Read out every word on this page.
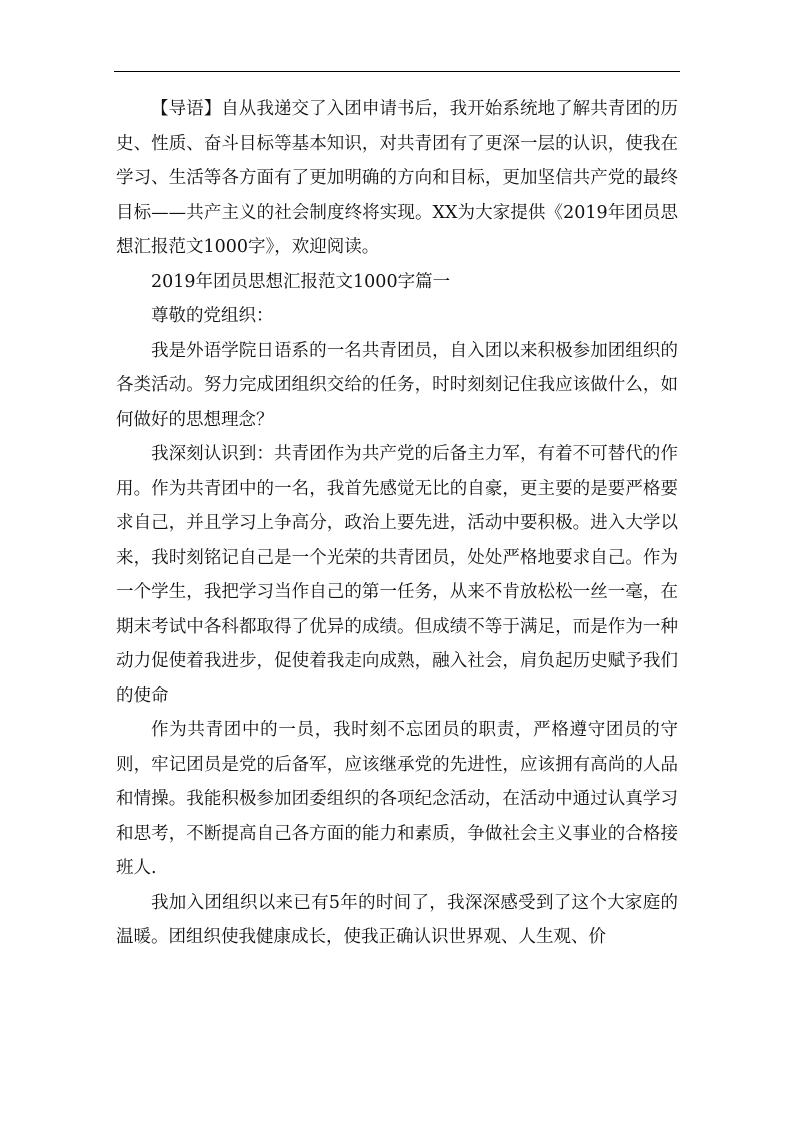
【导语】自从我递交了入团申请书后，我开始系统地了解共青团的历史、性质、奋斗目标等基本知识，对共青团有了更深一层的认识，使我在学习、生活等各方面有了更加明确的方向和目标，更加坚信共产党的最终目标——共产主义的社会制度终将实现。XX为大家提供《2019年团员思想汇报范文1000字》，欢迎阅读。

2019年团员思想汇报范文1000字篇一

尊敬的党组织：

我是外语学院日语系的一名共青团员，自入团以来积极参加团组织的各类活动。努力完成团组织交给的任务，时时刻刻记住我应该做什么，如何做好的思想理念？

我深刻认识到：共青团作为共产党的后备主力军，有着不可替代的作用。作为共青团中的一名，我首先感觉无比的自豪，更主要的是要严格要求自己，并且学习上争高分，政治上要先进，活动中要积极。进入大学以来，我时刻铭记自己是一个光荣的共青团员，处处严格地要求自己。作为一个学生，我把学习当作自己的第一任务，从来不肯放松松一丝一毫，在期末考试中各科都取得了优异的成绩。但成绩不等于满足，而是作为一种动力促使着我进步，促使着我走向成熟，融入社会，肩负起历史赋予我们的使命

作为共青团中的一员，我时刻不忘团员的职责，严格遵守团员的守则，牢记团员是党的后备军，应该继承党的先进性，应该拥有高尚的人品和情操。我能积极参加团委组织的各项纪念活动，在活动中通过认真学习和思考，不断提高自己各方面的能力和素质，争做社会主义事业的合格接班人.

我加入团组织以来已有5年的时间了，我深深感受到了这个大家庭的温暖。团组织使我健康成长，使我正确认识世界观、人生观、价
